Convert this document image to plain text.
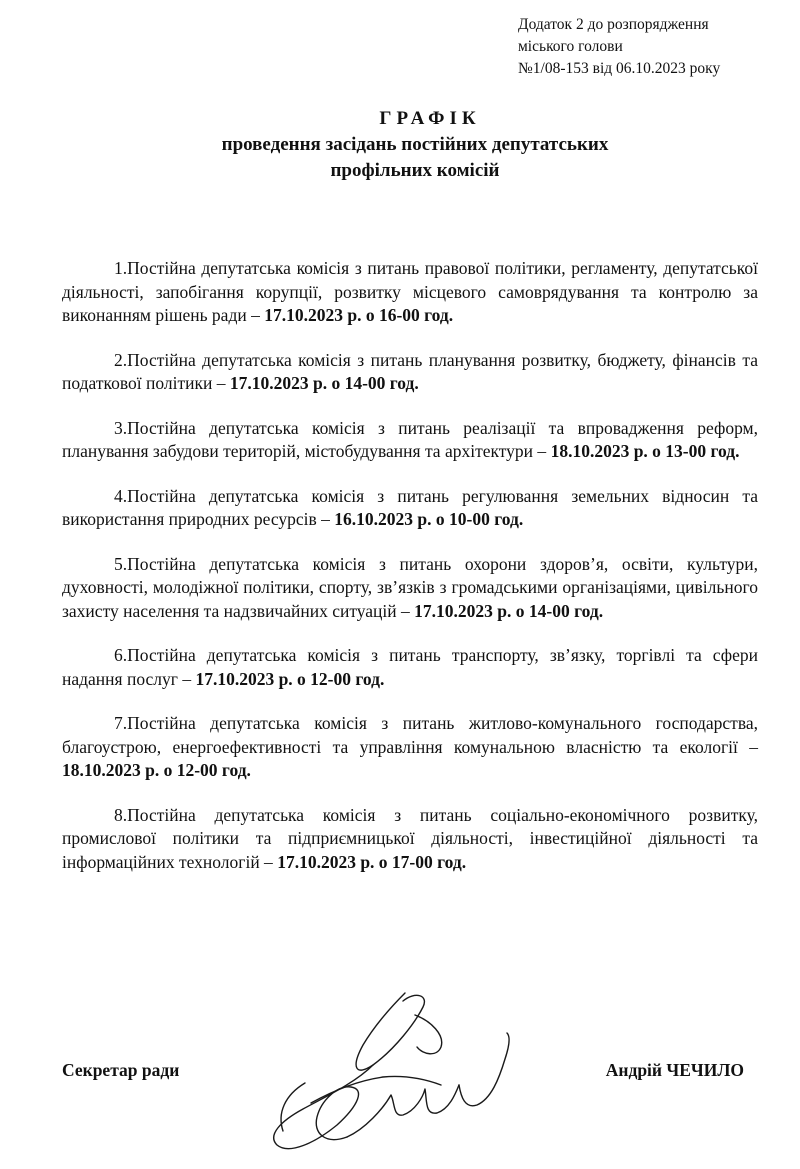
Додаток 2 до розпорядження
міського голови
№1/08-153 від 06.10.2023 року
ГРАФІК
проведення засідань постійних депутатських
профільних комісій

1.Постійна депутатська комісія з питань правової політики, регламенту, депутатської діяльності, запобігання корупції, розвитку місцевого самоврядування та контролю за виконанням рішень ради – 17.10.2023 р. о 16-00 год.

2.Постійна депутатська комісія з питань планування розвитку, бюджету, фінансів та податкової політики – 17.10.2023 р. о 14-00 год.

3.Постійна депутатська комісія з питань реалізації та впровадження реформ, планування забудови територій, містобудування та архітектури – 18.10.2023 р. о 13-00 год.

4.Постійна депутатська комісія з питань регулювання земельних відносин та використання природних ресурсів – 16.10.2023 р. о 10-00 год.

5.Постійна депутатська комісія з питань охорони здоров’я, освіти, культури, духовності, молодіжної політики, спорту, зв’язків з громадськими організаціями, цивільного захисту населення та надзвичайних ситуацій – 17.10.2023 р. о 14-00 год.

6.Постійна депутатська комісія з питань транспорту, зв’язку, торгівлі та сфери надання послуг – 17.10.2023 р. о 12-00 год.

7.Постійна депутатська комісія з питань житлово-комунального господарства, благоустрою, енергоефективності та управління комунальною власністю та екології – 18.10.2023 р. о 12-00 год.

8.Постійна депутатська комісія з питань соціально-економічного розвитку, промислової політики та підприємницької діяльності, інвестиційної діяльності та інформаційних технологій – 17.10.2023 р. о 17-00 год.

Секретар ради	Андрій ЧЕЧИЛО
